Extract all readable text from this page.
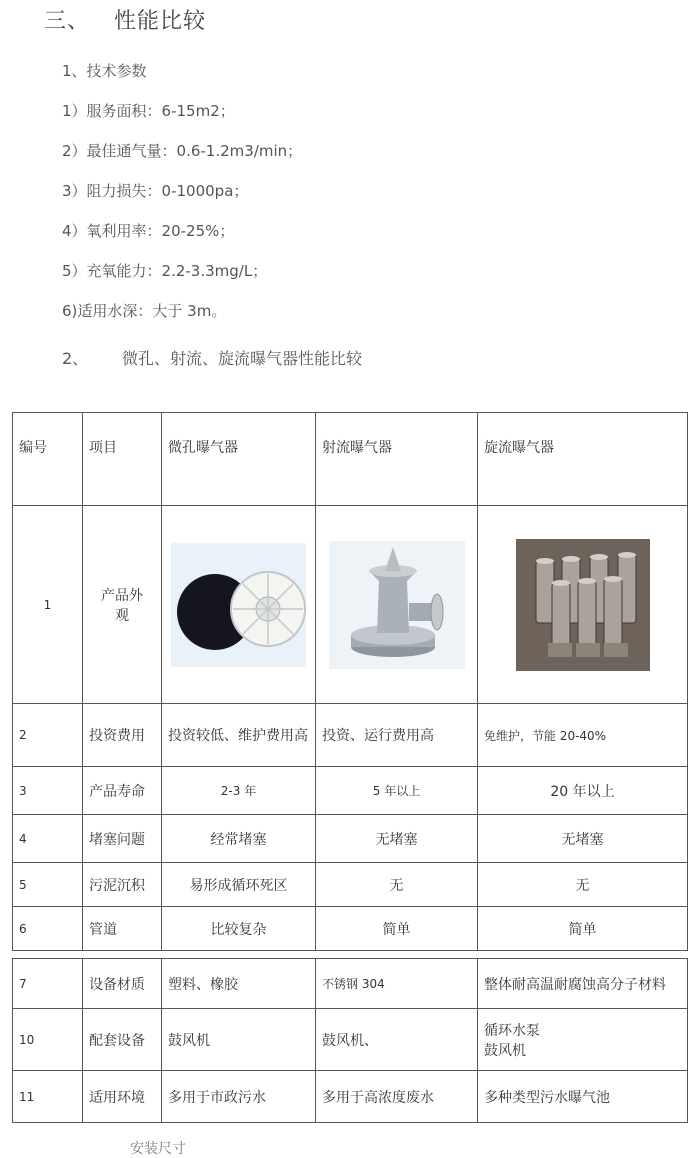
三、 性能比较
1、技术参数
1）服务面积：6-15m2；
2）最佳通气量：0.6-1.2m3/min；
3）阻力损失：0-1000pa；
4）氧利用率：20-25%；
5）充氧能力：2.2-3.3mg/L；
6)适用水深：大于 3m。
2、 微孔、射流、旋流曝气器性能比较
编号	项目	微孔曝气器	射流曝气器	旋流曝气器
1	产品外观	

2	投资费用	投资较低、维护费用高	投资、运行费用高	免维护，节能 20-40%
3	产品寿命	2-3 年	5 年以上	20 年以上
4	堵塞问题	经常堵塞	无堵塞	无堵塞
5	污泥沉积	易形成循环死区	无	无
6	管道	比较复杂	简单	简单
7	设备材质	塑料、橡胶	不锈钢 304	整体耐高温耐腐蚀高分子材料
10	配套设备	鼓风机	鼓风机、	循环水泵
鼓风机

11	适用环境	多用于市政污水	多用于高浓度废水	多种类型污水曝气池
安装尺寸
